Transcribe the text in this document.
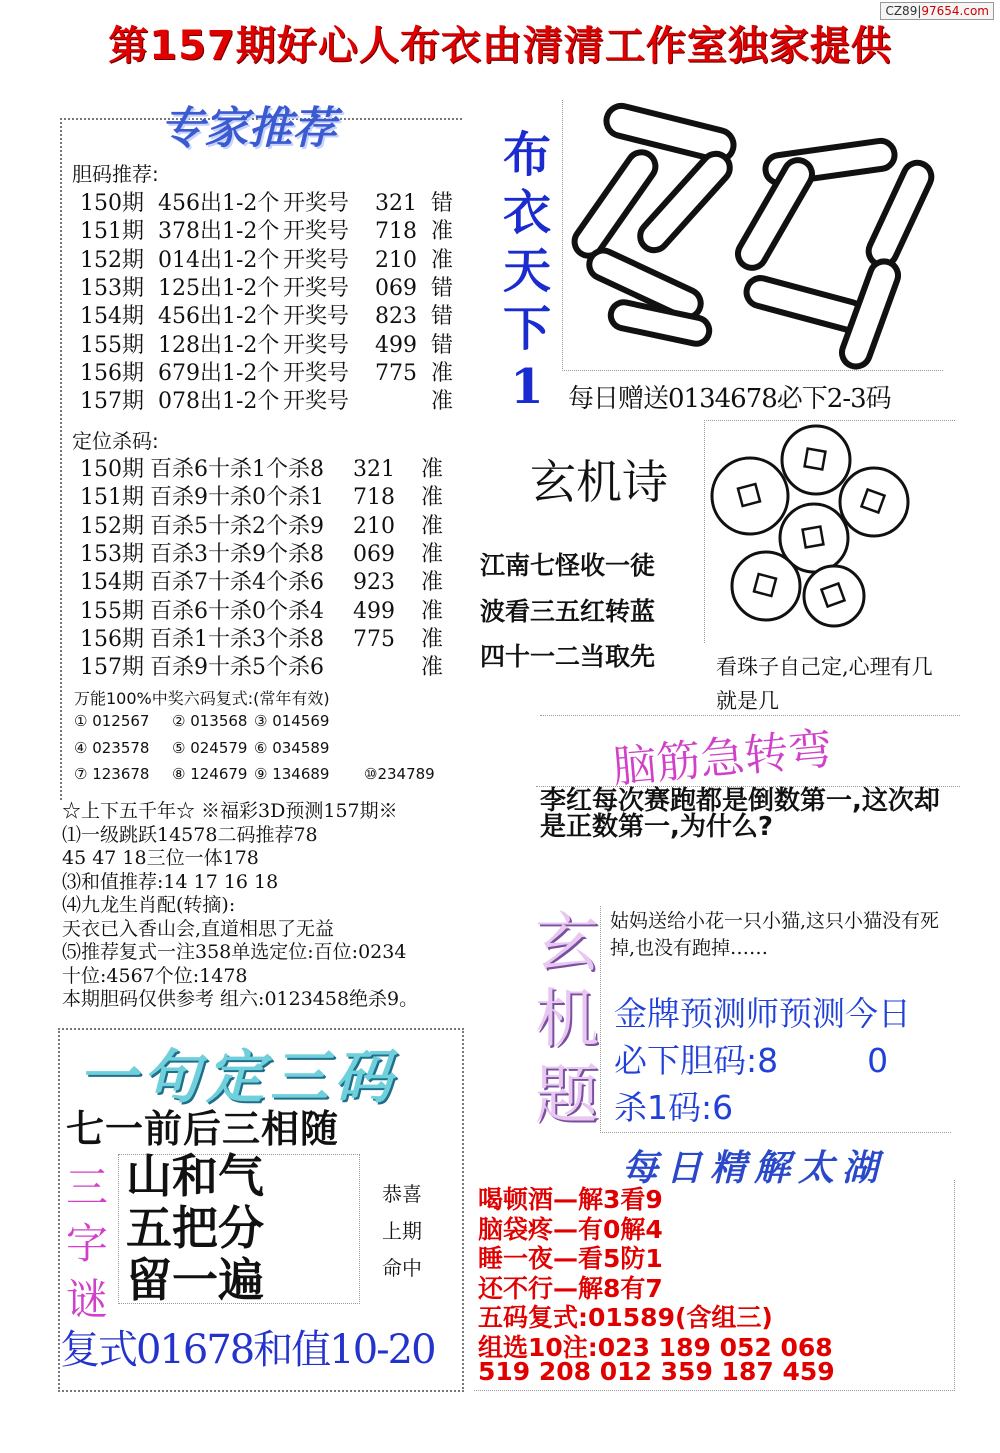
CZ89|97654.com
第157期好心人布衣由清清工作室独家提供
专家推荐
胆码推荐:
150期 456出1-2个 开奖号 321 错
151期 378出1-2个 开奖号 718 准
152期 014出1-2个 开奖号 210 准
153期 125出1-2个 开奖号 069 错
154期 456出1-2个 开奖号 823 错
155期 128出1-2个 开奖号 499 错
156期 679出1-2个 开奖号 775 准
157期 078出1-2个 开奖号	准
定位杀码:
150期 百杀6十杀1个杀8 321 准
151期 百杀9十杀0个杀1 718 准
152期 百杀5十杀2个杀9 210 准
153期 百杀3十杀9个杀8 069 准
154期 百杀7十杀4个杀6 923 准
155期 百杀6十杀0个杀4 499 准
156期 百杀1十杀3个杀8 775 准
157期 百杀9十杀5个杀6	准
万能100%中奖六码复式:(常年有效)
① 012567 ② 013568 ③ 014569
④ 023578 ⑤ 024579 ⑥ 034589
⑦ 123678 ⑧ 124679 ⑨ 134689 ⑩234789
☆上下五千年☆ ※福彩3D预测157期※
⑴一级跳跃14578二码推荐78
45 47 18三位一体178
⑶和值推荐:14 17 16 18
⑷九龙生肖配(转摘):
天衣已入香山会,直道相思了无益
⑸推荐复式一注358单选定位:百位:0234
十位:4567个位:1478
本期胆码仅供参考 组六:0123458绝杀9。
一句定三码
七一前后三相随
三
字
谜
山和气
五把分
留一遍
恭喜
上期
命中
复式01678和值10-20
布
衣
天
下
1 每日赠送0134678必下2-3码
玄机诗
江南七怪收一徒
波看三五红转蓝
四十一二当取先	看珠子自己定,心理有几就是几
脑筋急转弯
李红每次赛跑都是倒数第一,这次却是正数第一,为什么?
玄
机
题
姑妈送给小花一只小猫,这只小猫没有死掉,也没有跑掉……
金牌预测师预测今日
必下胆码:8	0
杀1码:6
每日精解太湖
喝顿酒—解3看9
脑袋疼—有0解4
睡一夜—看5防1
还不行—解8有7
五码复式:01589(含组三)
组选10注:023 189 052 068
519 208 012 359 187 459
